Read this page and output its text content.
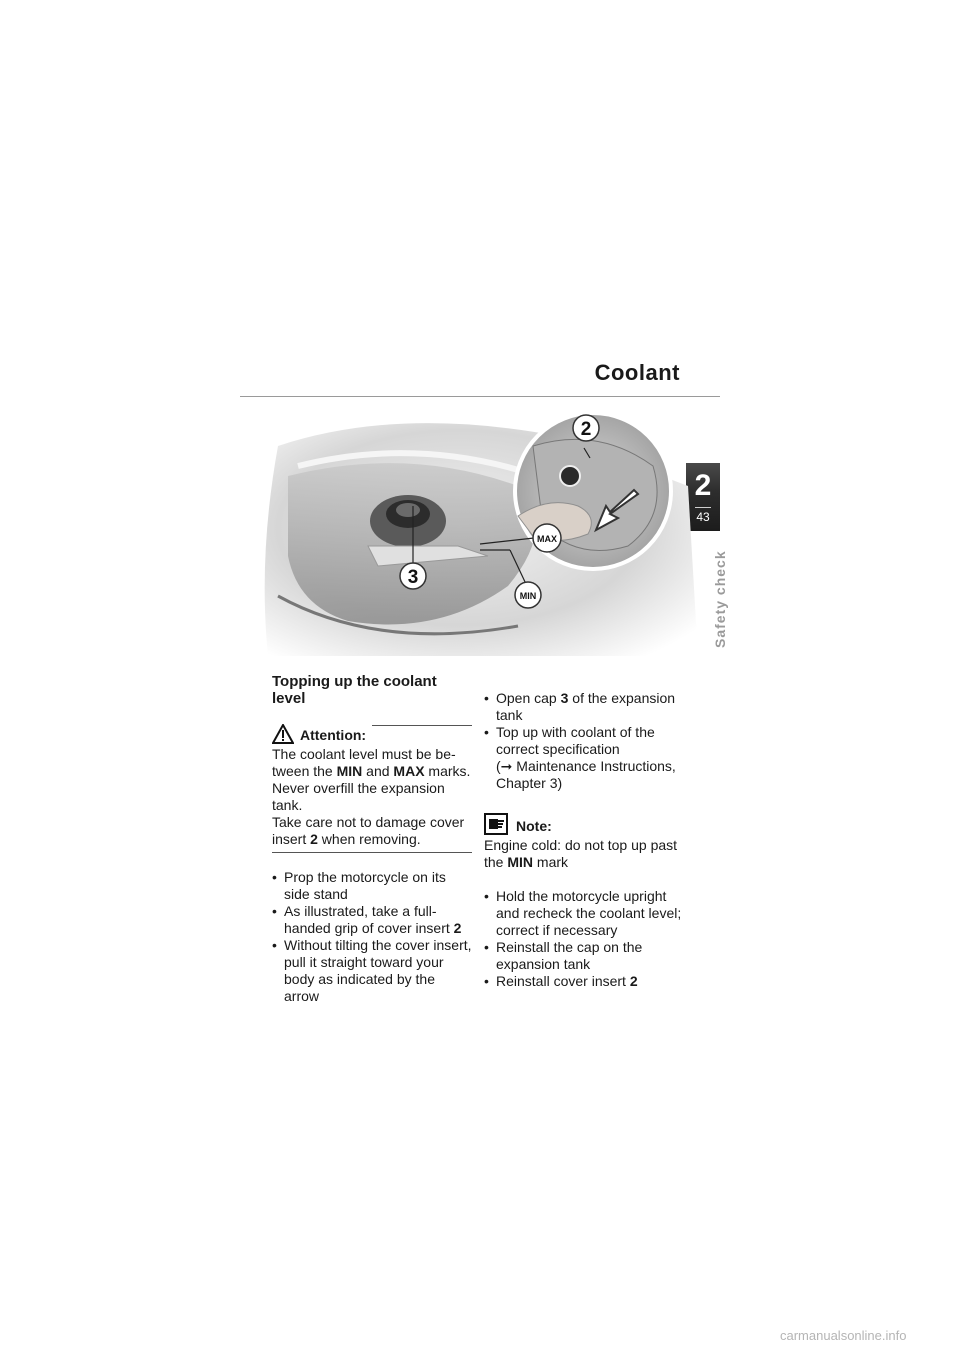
Coolant
2
43
Safety check
2
3
MAX
MIN
Topping up the coolant level
Attention:
The coolant level must be be-
tween the MIN and MAX marks.
Never overfill the expansion tank.
Take care not to damage cover insert 2 when removing.
• Prop the motorcycle on its side stand
• As illustrated, take a full-handed grip of cover insert 2
• Without tilting the cover insert, pull it straight toward your body as indicated by the arrow
• Open cap 3 of the expansion tank
• Top up with coolant of the correct specification
(➞ Maintenance Instructions, Chapter 3)
Note:
Engine cold: do not top up past the MIN mark
• Hold the motorcycle upright and recheck the coolant level; correct if necessary
• Reinstall the cap on the expansion tank
• Reinstall cover insert 2
carmanualsonline.info
